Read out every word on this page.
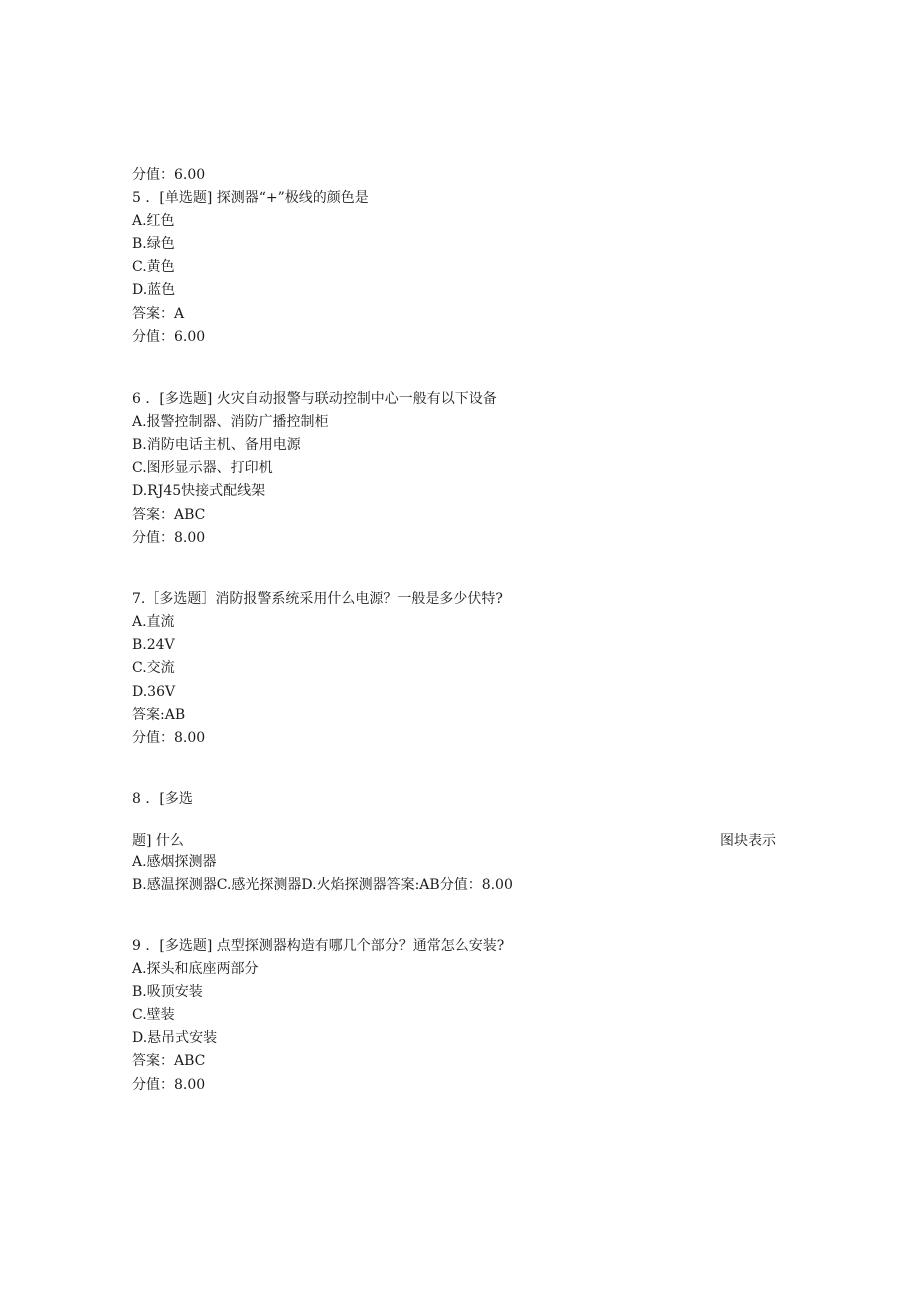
分值：6.00
5 ．[单选题] 探测器“+”极线的颜色是
A.红色
B.绿色
C.黄色
D.蓝色
答案：A
分值：6.00
6 ．[多选题] 火灾自动报警与联动控制中心一般有以下设备
A.报警控制器、消防广播控制柜
B.消防电话主机、备用电源
C.图形显示器、打印机
D.RJ45快接式配线架
答案：ABC
分值：8.00
7.［多选题］消防报警系统采用什么电源？一般是多少伏特?
A.直流
B.24V
C.交流
D.36V
答案:AB
分值：8.00
8 ．[多选
题] 什么	图块表示
A.感烟探测器
B.感温探测器C.感光探测器D.火焰探测器答案:AB分值：8.00
9 ．[多选题] 点型探测器构造有哪几个部分？通常怎么安装?
A.探头和底座两部分
B.吸顶安装
C.壁装
D.悬吊式安装
答案：ABC
分值：8.00
